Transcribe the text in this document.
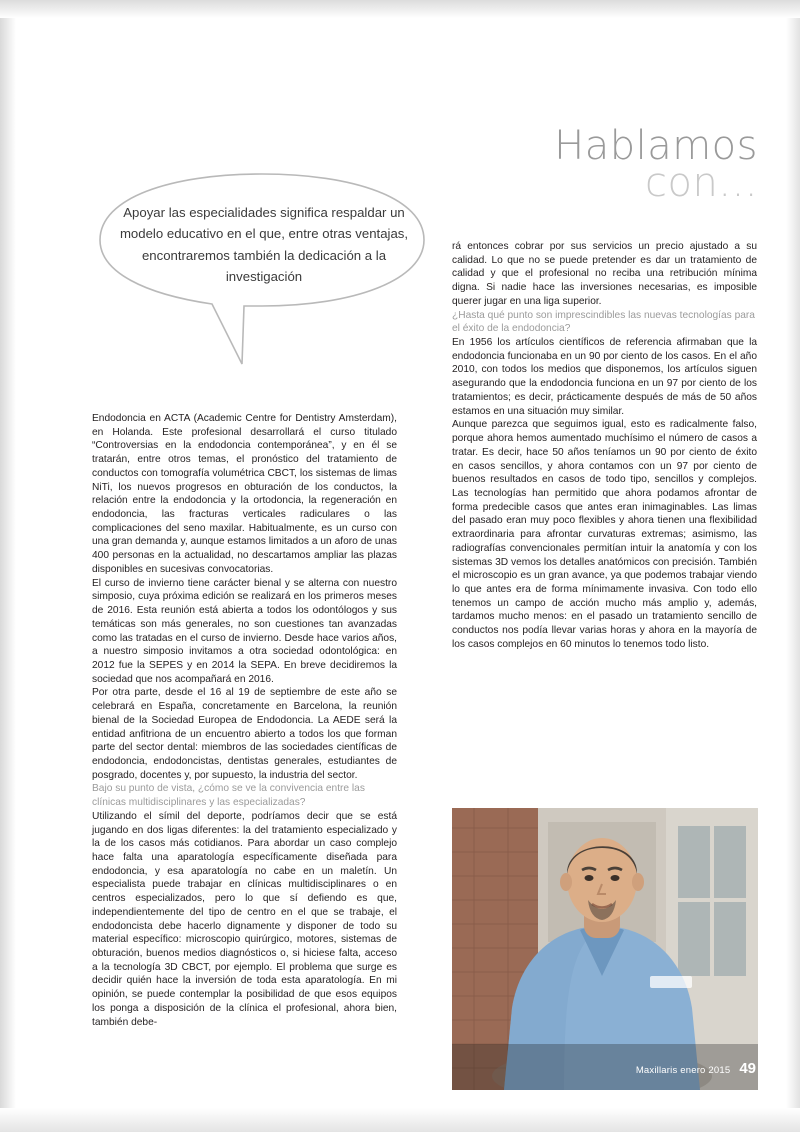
Hablamos
con...
Apoyar las especialidades significa respaldar un modelo educativo en el que, entre otras ventajas, encontraremos también la dedicación a la investigación

Endodoncia en ACTA (Academic Centre for Dentistry Amsterdam), en Holanda. Este profesional desarrollará el curso titulado “Controversias en la endodoncia contemporánea”, y en él se tratarán, entre otros temas, el pronóstico del tratamiento de conductos con tomografía volumétrica CBCT, los sistemas de limas NiTi, los nuevos progresos en obturación de los conductos, la relación entre la endodoncia y la ortodoncia, la regeneración en endodoncia, las fracturas verticales radiculares o las complicaciones del seno maxilar. Habitualmente, es un curso con una gran demanda y, aunque estamos limitados a un aforo de unas 400 personas en la actualidad, no descartamos ampliar las plazas disponibles en sucesivas convocatorias.

El curso de invierno tiene carácter bienal y se alterna con nuestro simposio, cuya próxima edición se realizará en los primeros meses de 2016. Esta reunión está abierta a todos los odontólogos y sus temáticas son más generales, no son cuestiones tan avanzadas como las tratadas en el curso de invierno. Desde hace varios años, a nuestro simposio invitamos a otra sociedad odontológica: en 2012 fue la SEPES y en 2014 la SEPA. En breve decidiremos la sociedad que nos acompañará en 2016.

Por otra parte, desde el 16 al 19 de septiembre de este año se celebrará en España, concretamente en Barcelona, la reunión bienal de la Sociedad Europea de Endodoncia. La AEDE será la entidad anfitriona de un encuentro abierto a todos los que forman parte del sector dental: miembros de las sociedades científicas de endodoncia, endodoncistas, dentistas generales, estudiantes de posgrado, docentes y, por supuesto, la industria del sector.

Bajo su punto de vista, ¿cómo se ve la convivencia entre las clínicas multidisciplinares y las especializadas?

Utilizando el símil del deporte, podríamos decir que se está jugando en dos ligas diferentes: la del tratamiento especializado y la de los casos más cotidianos. Para abordar un caso complejo hace falta una aparatología específicamente diseñada para endodoncia, y esa aparatología no cabe en un maletín. Un especialista puede trabajar en clínicas multidisciplinares o en centros especializados, pero lo que sí defiendo es que, independientemente del tipo de centro en el que se trabaje, el endodoncista debe hacerlo dignamente y disponer de todo su material específico: microscopio quirúrgico, motores, sistemas de obturación, buenos medios diagnósticos o, si hiciese falta, acceso a la tecnología 3D CBCT, por ejemplo. El problema que surge es decidir quién hace la inversión de toda esta aparatología. En mi opinión, se puede contemplar la posibilidad de que esos equipos los ponga a disposición de la clínica el profesional, ahora bien, también debe-

rá entonces cobrar por sus servicios un precio ajustado a su calidad. Lo que no se puede pretender es dar un tratamiento de calidad y que el profesional no reciba una retribución mínima digna. Si nadie hace las inversiones necesarias, es imposible querer jugar en una liga superior.

¿Hasta qué punto son imprescindibles las nuevas tecnologías para el éxito de la endodoncia?

En 1956 los artículos científicos de referencia afirmaban que la endodoncia funcionaba en un 90 por ciento de los casos. En el año 2010, con todos los medios que disponemos, los artículos siguen asegurando que la endodoncia funciona en un 97 por ciento de los tratamientos; es decir, prácticamente después de más de 50 años estamos en una situación muy similar.

Aunque parezca que seguimos igual, esto es radicalmente falso, porque ahora hemos aumentado muchísimo el número de casos a tratar. Es decir, hace 50 años teníamos un 90 por ciento de éxito en casos sencillos, y ahora contamos con un 97 por ciento de buenos resultados en casos de todo tipo, sencillos y complejos. Las tecnologías han permitido que ahora podamos afrontar de forma predecible casos que antes eran inimaginables. Las limas del pasado eran muy poco flexibles y ahora tienen una flexibilidad extraordinaria para afrontar curvaturas extremas; asimismo, las radiografías convencionales permitían intuir la anatomía y con los sistemas 3D vemos los detalles anatómicos con precisión. También el microscopio es un gran avance, ya que podemos trabajar viendo lo que antes era de forma mínimamente invasiva. Con todo ello tenemos un campo de acción mucho más amplio y, además, tardamos mucho menos: en el pasado un tratamiento sencillo de conductos nos podía llevar varias horas y ahora en la mayoría de los casos complejos en 60 minutos lo tenemos todo listo.

Maxillaris enero 2015 49
